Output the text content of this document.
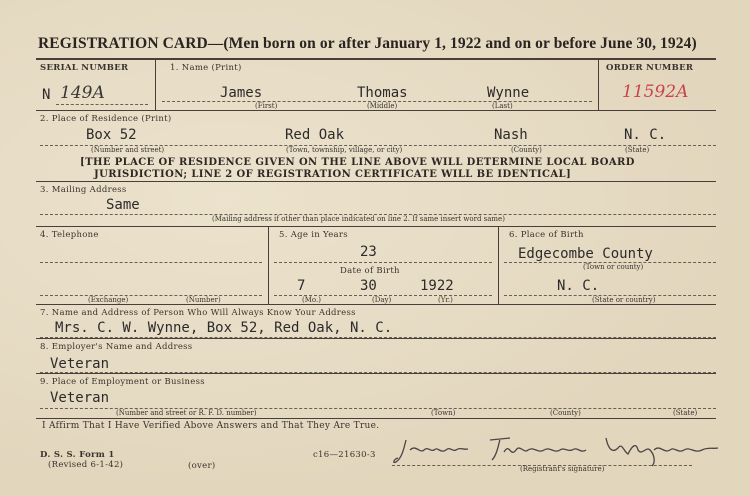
REGISTRATION CARD—(Men born on or after January 1, 1922 and on or before June 30, 1924)
SERIAL NUMBER
N 149A
1. Name (Print)
James	Thomas	Wynne
(First)	(Middle)	(Last)
ORDER NUMBER
11592A
2. Place of Residence (Print)
Box 52	Red Oak	Nash	N. C.
(Number and street)	(Town, township, village, or city)	(County)	(State)
[THE PLACE OF RESIDENCE GIVEN ON THE LINE ABOVE WILL DETERMINE LOCAL BOARD
JURISDICTION; LINE 2 OF REGISTRATION CERTIFICATE WILL BE IDENTICAL]
3. Mailing Address
Same
(Mailing address if other than place indicated on line 2. If same insert word same)
4. Telephone
(Exchange)	(Number)
5. Age in Years
23
Date of Birth
7	30	1922
(Mo.)	(Day)	(Yr.)
6. Place of Birth
Edgecombe County
(Town or county)
N. C.
(State or country)
7. Name and Address of Person Who Will Always Know Your Address
Mrs. C. W. Wynne, Box 52, Red Oak, N. C.
8. Employer's Name and Address
Veteran
9. Place of Employment or Business
Veteran
(Number and street or R. F. D. number)	(Town)	(County)	(State)
I Affirm That I Have Verified Above Answers and That They Are True.
D. S. S. Form 1
(Revised 6-1-42)	(over)
c16—21630-3
(Registrant's signature)
